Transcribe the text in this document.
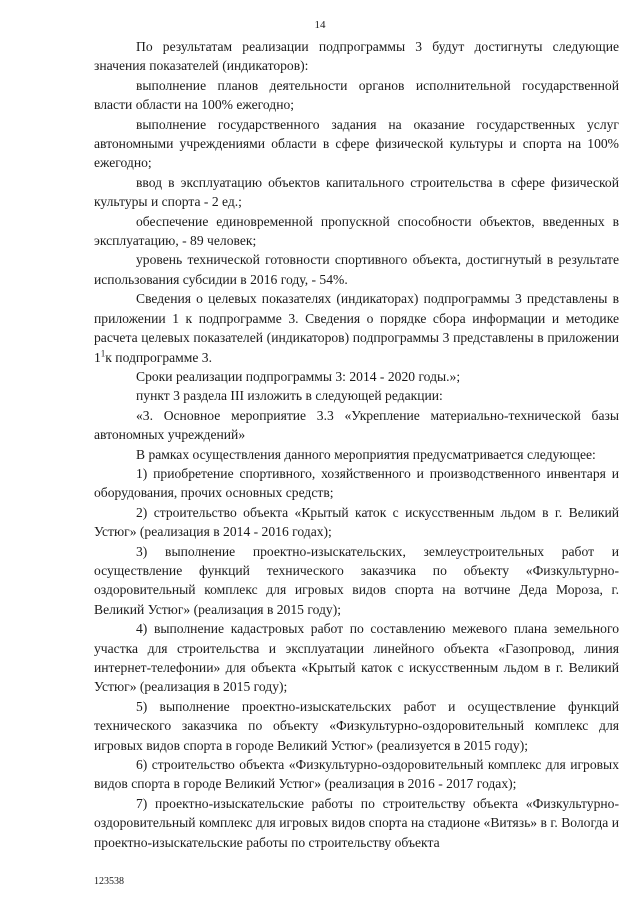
14

По результатам реализации подпрограммы 3 будут достигнуты следующие значения показателей (индикаторов):

выполнение планов деятельности органов исполнительной государственной власти области на 100% ежегодно;

выполнение государственного задания на оказание государственных услуг автономными учреждениями области в сфере физической культуры и спорта на 100% ежегодно;

ввод в эксплуатацию объектов капитального строительства в сфере физической культуры и спорта - 2 ед.;

обеспечение единовременной пропускной способности объектов, введенных в эксплуатацию, - 89 человек;

уровень технической готовности спортивного объекта, достигнутый в результате использования субсидии в 2016 году, - 54%.

Сведения о целевых показателях (индикаторах) подпрограммы 3 представлены в приложении 1 к подпрограмме 3. Сведения о порядке сбора информации и методике расчета целевых показателей (индикаторов) подпрограммы 3 представлены в приложении $1^1к$ подпрограмме 3.

Сроки реализации подпрограммы 3: 2014 - 2020 годы.»;

пункт 3 раздела III изложить в следующей редакции:

«3. Основное мероприятие 3.3 «Укрепление материально-технической базы автономных учреждений»

В рамках осуществления данного мероприятия предусматривается следующее:

1) приобретение спортивного, хозяйственного и производственного инвентаря и оборудования, прочих основных средств;

2) строительство объекта «Крытый каток с искусственным льдом в г. Великий Устюг» (реализация в 2014 - 2016 годах);

3) выполнение проектно-изыскательских, землеустроительных работ и осуществление функций технического заказчика по объекту «Физкультурно-оздоровительный комплекс для игровых видов спорта на вотчине Деда Мороза, г. Великий Устюг» (реализация в 2015 году);

4) выполнение кадастровых работ по составлению межевого плана земельного участка для строительства и эксплуатации линейного объекта «Газопровод, линия интернет-телефонии» для объекта «Крытый каток с искусственным льдом в г. Великий Устюг» (реализация в 2015 году);

5) выполнение проектно-изыскательских работ и осуществление функций технического заказчика по объекту «Физкультурно-оздоровительный комплекс для игровых видов спорта в городе Великий Устюг» (реализуется в 2015 году);

6) строительство объекта «Физкультурно-оздоровительный комплекс для игровых видов спорта в городе Великий Устюг» (реализация в 2016 - 2017 годах);

7) проектно-изыскательские работы по строительству объекта «Физкультурно-оздоровительный комплекс для игровых видов спорта на стадионе «Витязь» в г. Вологда и проектно-изыскательские работы по строительству объекта

123538
